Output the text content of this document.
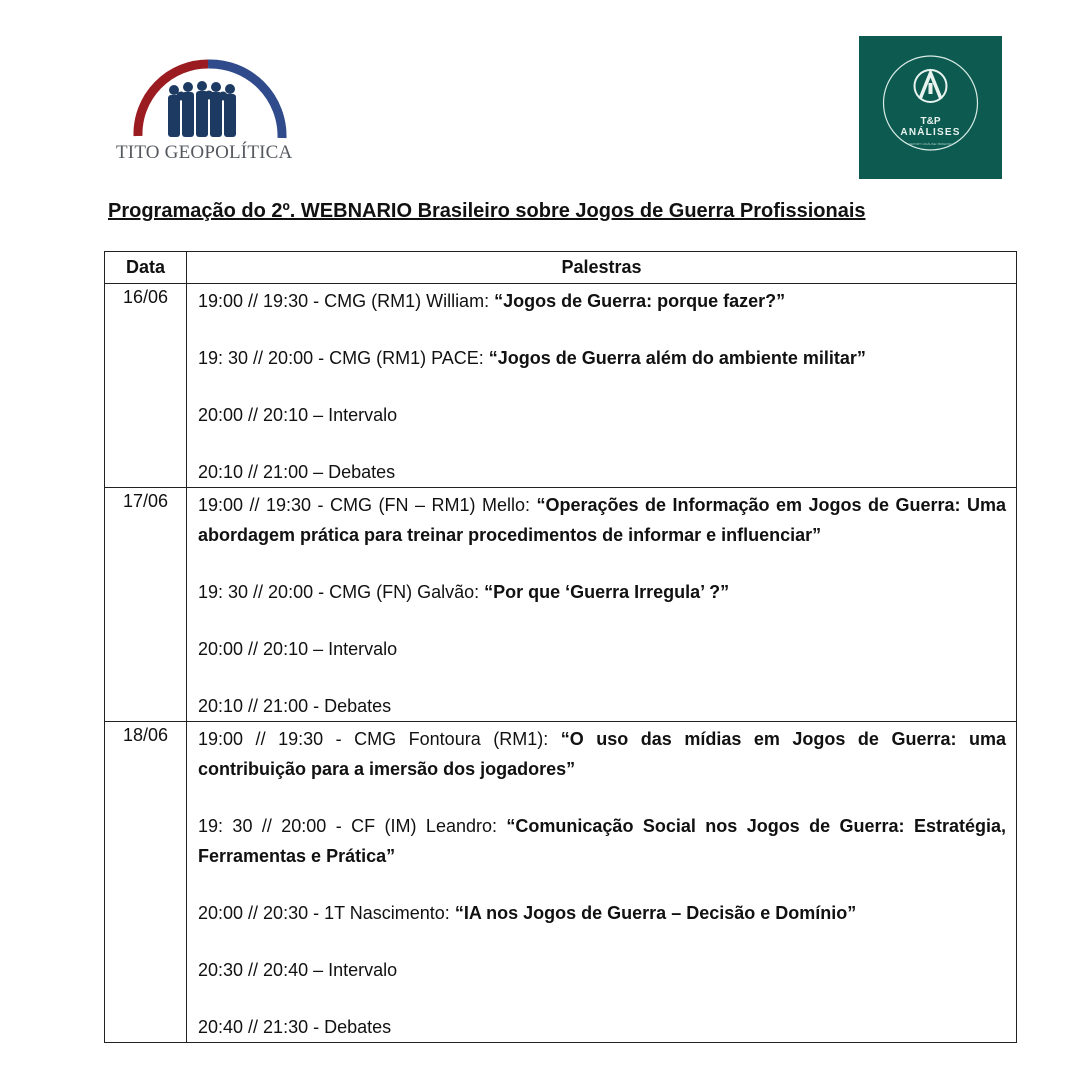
TITO GEOPOLÍTICA
T&P
ANÁLISES
REPORT I ANÁLISE I BRIEFING
Programação do 2º. WEBNARIO Brasileiro sobre Jogos de Guerra Profissionais
Data	Palestras
16/06	19:00 // 19:30 - CMG (RM1) William: “Jogos de Guerra: porque fazer?”
19: 30 // 20:00 - CMG (RM1) PACE: “Jogos de Guerra além do ambiente militar”
20:00 // 20:10 – Intervalo
20:10 // 21:00 – Debates

17/06	19:00 // 19:30 - CMG (FN – RM1) Mello: “Operações de Informação em Jogos de Guerra: Uma abordagem prática para treinar procedimentos de informar e influenciar”
19: 30 // 20:00 - CMG (FN) Galvão: “Por que ‘Guerra Irregula’ ?”
20:00 // 20:10 – Intervalo
20:10 // 21:00 - Debates

18/06	19:00 // 19:30 - CMG Fontoura (RM1): “O uso das mídias em Jogos de Guerra: uma contribuição para a imersão dos jogadores”
19: 30 // 20:00 - CF (IM) Leandro: “Comunicação Social nos Jogos de Guerra: Estratégia, Ferramentas e Prática”
20:00 // 20:30 - 1T Nascimento: “IA nos Jogos de Guerra – Decisão e Domínio”
20:30 // 20:40 – Intervalo
20:40 // 21:30 - Debates
